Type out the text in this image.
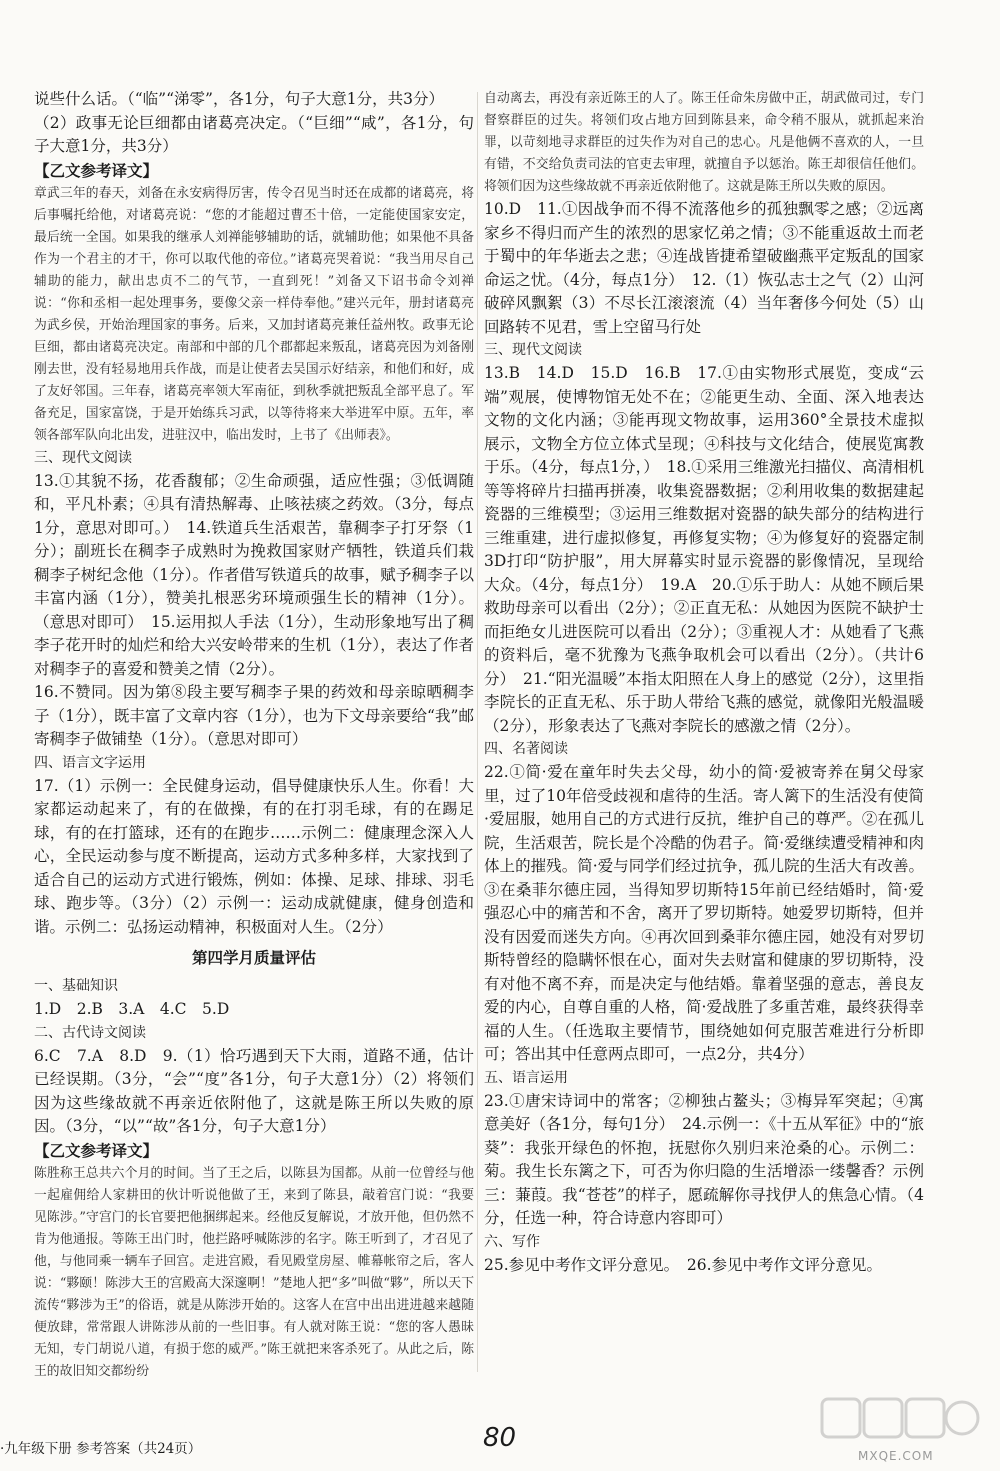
说些什么话。（“临”“涕零”，各1分，句子大意1分，共3分）

（2）政事无论巨细都由诸葛亮决定。（“巨细”“咸”，各1分，句子大意1分，共3分）

【乙文参考译文】

章武三年的春天，刘备在永安病得厉害，传令召见当时还在成都的诸葛亮，将后事嘱托给他，对诸葛亮说：“您的才能超过曹丕十倍，一定能使国家安定，最后统一全国。如果我的继承人刘禅能够辅助的话，就辅助他；如果他不具备作为一个君主的才干，你可以取代他的帝位。”诸葛亮哭着说：“我当用尽自己辅助的能力，献出忠贞不二的气节，一直到死！”刘备又下诏书命令刘禅说：“你和丞相一起处理事务，要像父亲一样侍奉他。”建兴元年，册封诸葛亮为武乡侯，开始治理国家的事务。后来，又加封诸葛亮兼任益州牧。政事无论巨细，都由诸葛亮决定。南部和中部的几个郡都起来叛乱，诸葛亮因为刘备刚刚去世，没有轻易地用兵作战，而是让使者去吴国示好结亲，和他们和好，成了友好邻国。三年春，诸葛亮率领大军南征，到秋季就把叛乱全部平息了。军备充足，国家富饶，于是开始练兵习武，以等待将来大举进军中原。五年，率领各部军队向北出发，进驻汉中，临出发时，上书了《出师表》。

三、现代文阅读

13.①其貌不扬，花香馥郁；②生命顽强，适应性强；③低调随和，平凡朴素；④具有清热解毒、止咳祛痰之药效。（3分，每点1分，意思对即可。）　14.铁道兵生活艰苦，靠稠李子打牙祭（1分）；副班长在稠李子成熟时为挽救国家财产牺牲，铁道兵们栽稠李子树纪念他（1分）。作者借写铁道兵的故事，赋予稠李子以丰富内涵（1分），赞美扎根恶劣环境顽强生长的精神（1分）。（意思对即可）　15.运用拟人手法（1分），生动形象地写出了稠李子花开时的灿烂和给大兴安岭带来的生机（1分），表达了作者对稠李子的喜爱和赞美之情（2分）。

16.不赞同。因为第⑧段主要写稠李子果的药效和母亲晾晒稠李子（1分），既丰富了文章内容（1分），也为下文母亲要给“我”邮寄稠李子做铺垫（1分）。（意思对即可）

四、语言文字运用

17.（1）示例一：全民健身运动，倡导健康快乐人生。你看！大家都运动起来了，有的在做操，有的在打羽毛球，有的在踢足球，有的在打篮球，还有的在跑步……示例二：健康理念深入人心，全民运动参与度不断提高，运动方式多种多样，大家找到了适合自己的运动方式进行锻炼，例如：体操、足球、排球、羽毛球、跑步等。（3分）（2）示例一：运动成就健康，健身创造和谐。示例二：弘扬运动精神，积极面对人生。（2分）

第四学月质量评估

一、基础知识

1.D　2.B　3.A　4.C　5.D

二、古代诗文阅读

6.C　7.A　8.D　9.（1）恰巧遇到天下大雨，道路不通，估计已经误期。（3分，“会”“度”各1分，句子大意1分）（2）将领们因为这些缘故就不再亲近依附他了，这就是陈王所以失败的原因。（3分，“以”“故”各1分，句子大意1分）

【乙文参考译文】

陈胜称王总共六个月的时间。当了王之后，以陈县为国都。从前一位曾经与他一起雇佣给人家耕田的伙计听说他做了王，来到了陈县，敲着宫门说：“我要见陈涉。”守宫门的长官要把他捆绑起来。经他反复解说，才放开他，但仍然不肯为他通报。等陈王出门时，他拦路呼喊陈涉的名字。陈王听到了，才召见了他，与他同乘一辆车子回宫。走进宫殿，看见殿堂房屋、帷幕帐帘之后，客人说：“夥颐！陈涉大王的宫殿高大深邃啊！”楚地人把“多”叫做“夥”，所以天下流传“夥涉为王”的俗语，就是从陈涉开始的。这客人在宫中出出进进越来越随便放肆，常常跟人讲陈涉从前的一些旧事。有人就对陈王说：“您的客人愚昧无知，专门胡说八道，有损于您的威严。”陈王就把来客杀死了。从此之后，陈王的故旧知交都纷纷

自动离去，再没有亲近陈王的人了。陈王任命朱房做中正，胡武做司过，专门督察群臣的过失。将领们攻占地方回到陈县来，命令稍不服从，就抓起来治罪，以苛刻地寻求群臣的过失作为对自己的忠心。凡是他俩不喜欢的人，一旦有错，不交给负责司法的官吏去审理，就擅自予以惩治。陈王却很信任他们。将领们因为这些缘故就不再亲近依附他了。这就是陈王所以失败的原因。

10.D　11.①因战争而不得不流落他乡的孤独飘零之感；②远离家乡不得归而产生的浓烈的思家忆弟之情；③不能重返故土而老于蜀中的年华逝去之悲；④连战皆捷希望破幽燕平定叛乱的国家命运之忧。（4分，每点1分）　12.（1）恢弘志士之气（2）山河破碎风飘絮（3）不尽长江滚滚流（4）当年奢侈今何处（5）山回路转不见君，雪上空留马行处

三、现代文阅读

13.B　14.D　15.D　16.B　17.①由实物形式展览，变成“云端”观展，使博物馆无处不在；②能更生动、全面、深入地表达文物的文化内涵；③能再现文物故事，运用360°全景技术虚拟展示，文物全方位立体式呈现；④科技与文化结合，使展览寓教于乐。（4分，每点1分，）　18.①采用三维激光扫描仪、高清相机等等将碎片扫描再拼凑，收集瓷器数据；②利用收集的数据建起瓷器的三维模型；③运用三维数据对瓷器的缺失部分的结构进行三维重建，进行虚拟修复，再修复实物；④为修复好的瓷器定制3D打印“防护服”，用大屏幕实时显示瓷器的影像情况，呈现给大众。（4分，每点1分）　19.A　20.①乐于助人：从她不顾后果救助母亲可以看出（2分）；②正直无私：从她因为医院不缺护士而拒绝女儿进医院可以看出（2分）；③重视人才：从她看了飞燕的资料后，毫不犹豫为飞燕争取机会可以看出（2分）。（共计6分）　21.“阳光温暖”本指太阳照在人身上的感觉（2分），这里指李院长的正直无私、乐于助人带给飞燕的感觉，就像阳光般温暖（2分），形象表达了飞燕对李院长的感激之情（2分）。

四、名著阅读

22.①简·爱在童年时失去父母，幼小的简·爱被寄养在舅父母家里，过了10年倍受歧视和虐待的生活。寄人篱下的生活没有使简·爱屈服，她用自己的方式进行反抗，维护自己的尊严。②在孤儿院，生活艰苦，院长是个冷酷的伪君子。简·爱继续遭受精神和肉体上的摧残。简·爱与同学们经过抗争，孤儿院的生活大有改善。③在桑菲尔德庄园，当得知罗切斯特15年前已经结婚时，简·爱强忍心中的痛苦和不舍，离开了罗切斯特。她爱罗切斯特，但并没有因爱而迷失方向。④再次回到桑菲尔德庄园，她没有对罗切斯特曾经的隐瞒怀恨在心，面对失去财富和健康的罗切斯特，没有对他不离不弃，而是决定与他结婚。靠着坚强的意志，善良友爱的内心，自尊自重的人格，简·爱战胜了多重苦难，最终获得幸福的人生。（任选取主要情节，围绕她如何克服苦难进行分析即可；答出其中任意两点即可，一点2分，共4分）

五、语言运用

23.①唐宋诗词中的常客；②柳独占鳌头；③梅异军突起；④寓意美好（各1分，每句1分）　24.示例一：《十五从军征》中的“旅葵”：我张开绿色的怀抱，抚慰你久别归来沧桑的心。示例二：菊。我生长东篱之下，可否为你归隐的生活增添一缕馨香？示例三：蒹葭。我“苍苍”的样子，愿疏解你寻找伊人的焦急心情。（4分，任选一种，符合诗意内容即可）

六、写作

25.参见中考作文评分意见。　26.参见中考作文评分意见。

·九年级下册 参考答案（共24页）	80
MXQE.COM
